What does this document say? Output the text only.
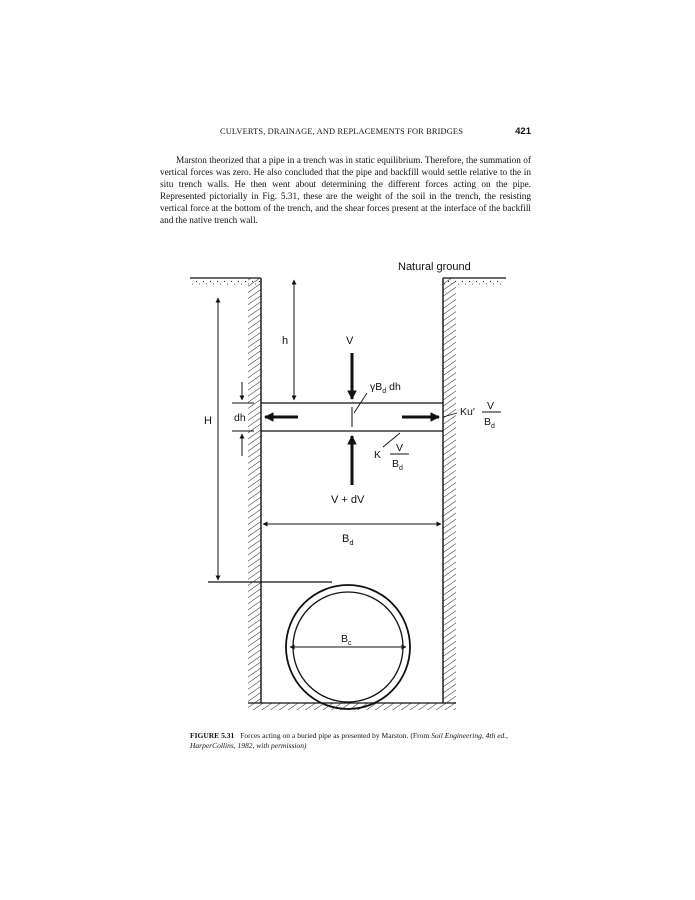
CULVERTS, DRAINAGE, AND REPLACEMENTS FOR BRIDGES	421

Marston theorized that a pipe in a trench was in static equilibrium. Therefore, the summation of vertical forces was zero. He also concluded that the pipe and backfill would settle relative to the in situ trench walls. He then went about determining the different forces acting on the pipe. Represented pictorially in Fig. 5.31, these are the weight of the soil in the trench, the resisting vertical force at the bottom of the trench, and the shear forces present at the interface of the backfill and the native trench wall.

Natural ground
h
H
V
$\gamma B_d$ dh
dh	Ku′ V
$B_d$
K
V
$B_d$
V + dV
$B_d$
$B_c$

FIGURE 5.31 Forces acting on a buried pipe as presented by Marston. (From Soil Engineering, 4th ed., HarperCollins, 1982, with permission)
